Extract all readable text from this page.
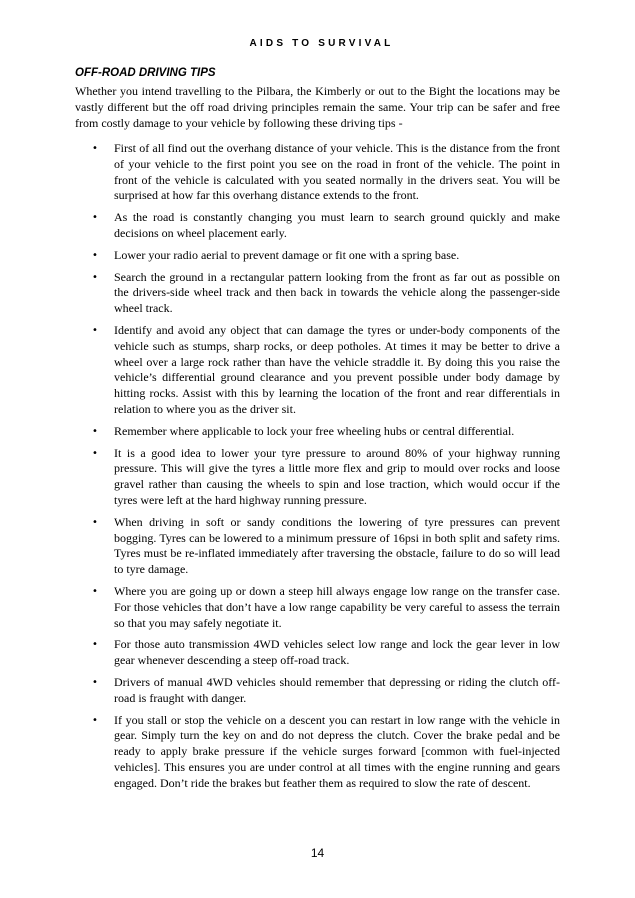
AIDS TO SURVIVAL
OFF-ROAD DRIVING TIPS

Whether you intend travelling to the Pilbara, the Kimberly or out to the Bight the locations may be vastly different but the off road driving principles remain the same. Your trip can be safer and free from costly damage to your vehicle by following these driving tips -

• First of all find out the overhang distance of your vehicle. This is the distance from the front of your vehicle to the first point you see on the road in front of the vehicle. The point in front of the vehicle is calculated with you seated normally in the drivers seat. You will be surprised at how far this overhang distance extends to the front.
• As the road is constantly changing you must learn to search ground quickly and make decisions on wheel placement early.
• Lower your radio aerial to prevent damage or fit one with a spring base.
• Search the ground in a rectangular pattern looking from the front as far out as possible on the drivers-side wheel track and then back in towards the vehicle along the passenger-side wheel track.
• Identify and avoid any object that can damage the tyres or under-body components of the vehicle such as stumps, sharp rocks, or deep potholes. At times it may be better to drive a wheel over a large rock rather than have the vehicle straddle it. By doing this you raise the vehicle’s differential ground clearance and you prevent possible under body damage by hitting rocks. Assist with this by learning the location of the front and rear differentials in relation to where you as the driver sit.
• Remember where applicable to lock your free wheeling hubs or central differential.
• It is a good idea to lower your tyre pressure to around 80% of your highway running pressure. This will give the tyres a little more flex and grip to mould over rocks and loose gravel rather than causing the wheels to spin and lose traction, which would occur if the tyres were left at the hard highway running pressure.
• When driving in soft or sandy conditions the lowering of tyre pressures can prevent bogging. Tyres can be lowered to a minimum pressure of 16psi in both split and safety rims. Tyres must be re-inflated immediately after traversing the obstacle, failure to do so will lead to tyre damage.
• Where you are going up or down a steep hill always engage low range on the transfer case. For those vehicles that don’t have a low range capability be very careful to assess the terrain so that you may safely negotiate it.
• For those auto transmission 4WD vehicles select low range and lock the gear lever in low gear whenever descending a steep off-road track.
• Drivers of manual 4WD vehicles should remember that depressing or riding the clutch off-road is fraught with danger.
• If you stall or stop the vehicle on a descent you can restart in low range with the vehicle in gear. Simply turn the key on and do not depress the clutch. Cover the brake pedal and be ready to apply brake pressure if the vehicle surges forward [common with fuel-injected vehicles]. This ensures you are under control at all times with the engine running and gears engaged. Don’t ride the brakes but feather them as required to slow the rate of descent.
14
